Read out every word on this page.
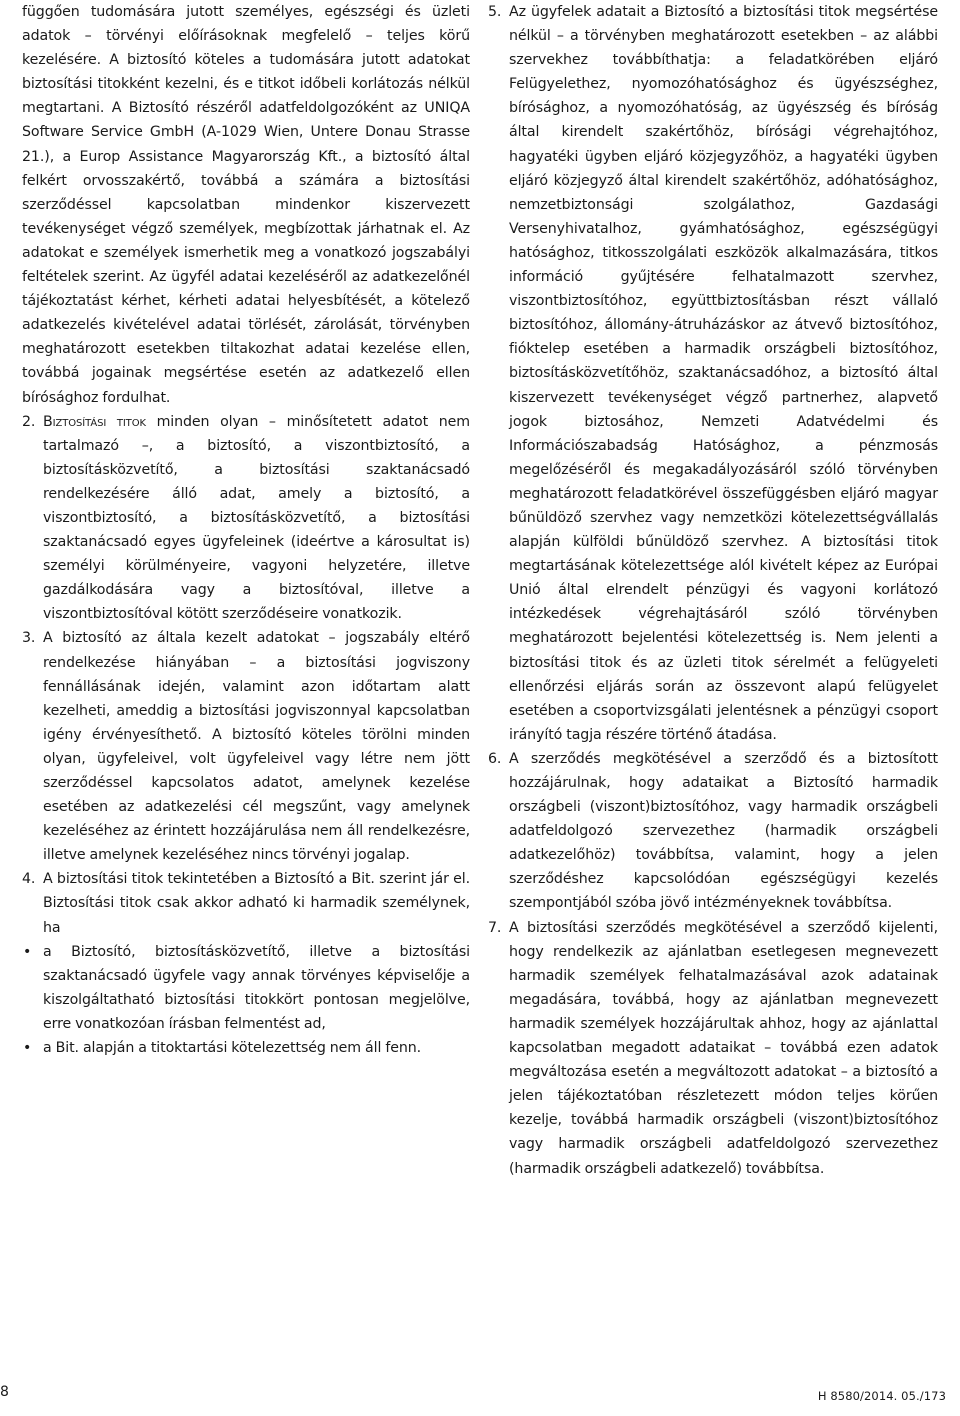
függően tudomására jutott személyes, egészségi és üzleti adatok – törvényi előírásoknak megfelelő – teljes körű kezelésére. A biztosító köteles a tudomására jutott adatokat biztosítási titokként kezelni, és e titkot időbeli korlátozás nélkül megtartani. A Biztosító részéről adatfeldolgozóként az UNIQA Software Service GmbH (A-1029 Wien, Untere Donau Strasse 21.), a Europ Assistance Magyarország Kft., a biztosító által felkért orvosszakértő, továbbá a számára a biztosítási szerződéssel kapcsolatban mindenkor kiszervezett tevékenységet végző személyek, megbízottak járhatnak el. Az adatokat e személyek ismerhetik meg a vonatkozó jogszabályi feltételek szerint. Az ügyfél adatai kezeléséről az adatkezelőnél tájékoztatást kérhet, kérheti adatai helyesbítését, a kötelező adatkezelés kivételével adatai törlését, zárolását, törvényben meghatározott esetekben tiltakozhat adatai kezelése ellen, továbbá jogainak megsértése esetén az adatkezelő ellen bírósághoz fordulhat.

2. Biztosítási titok minden olyan – minősítetett adatot nem tartalmazó –, a biztosító, a viszontbiztosító, a biztosításközvetítő, a biztosítási szaktanácsadó rendelkezésére álló adat, amely a biztosító, a viszontbiztosító, a biztosításközvetítő, a biztosítási szaktanácsadó egyes ügyfeleinek (ideértve a károsultat is) személyi körülményeire, vagyoni helyzetére, illetve gazdálkodására vagy a biztosítóval, illetve a viszontbiztosítóval kötött szerződéseire vonatkozik.
3. A biztosító az általa kezelt adatokat – jogszabály eltérő rendelkezése hiányában – a biztosítási jogviszony fennállásának idején, valamint azon időtartam alatt kezelheti, ameddig a biztosítási jogviszonnyal kapcsolatban igény érvényesíthető. A biztosító köteles törölni minden olyan, ügyfeleivel, volt ügyfeleivel vagy létre nem jött szerződéssel kapcsolatos adatot, amelynek kezelése esetében az adatkezelési cél megszűnt, vagy amelynek kezeléséhez az érintett hozzájárulása nem áll rendelkezésre, illetve amelynek kezeléséhez nincs törvényi jogalap.
4. A biztosítási titok tekintetében a Biztosító a Bit. szerint jár el. Biztosítási titok csak akkor adható ki harmadik személynek, ha
• a Biztosító, biztosításközvetítő, illetve a biztosítási szaktanácsadó ügyfele vagy annak törvényes képviselője a kiszolgáltatható biztosítási titokkört pontosan megjelölve, erre vonatkozóan írásban felmentést ad,
• a Bit. alapján a titoktartási kötelezettség nem áll fenn.
5. Az ügyfelek adatait a Biztosító a biztosítási titok megsértése nélkül – a törvényben meghatározott esetekben – az alábbi szervekhez továbbíthatja: a feladatkörében eljáró Felügyelethez, nyomozóhatósághoz és ügyészséghez, bírósághoz, a nyomozóhatóság, az ügyészség és bíróság által kirendelt szakértőhöz, bírósági végrehajtóhoz, hagyatéki ügyben eljáró közjegyzőhöz, a hagyatéki ügyben eljáró közjegyző által kirendelt szakértőhöz, adóhatósághoz, nemzetbiztonsági szolgálathoz, Gazdasági Versenyhivatalhoz, gyámhatósághoz, egészségügyi hatósághoz, titkosszolgálati eszközök alkalmazására, titkos információ gyűjtésére felhatalmazott szervhez, viszontbiztosítóhoz, együttbiztosításban részt vállaló biztosítóhoz, állomány-átruházáskor az átvevő biztosítóhoz, fióktelep esetében a harmadik országbeli biztosítóhoz, biztosításközvetítőhöz, szaktanácsadóhoz, a biztosító által kiszervezett tevékenységet végző partnerhez, alapvető jogok biztosához, Nemzeti Adatvédelmi és Információszabadság Hatósághoz, a pénzmosás megelőzéséről és megakadályozásáról szóló törvényben meghatározott feladatkörével összefüggésben eljáró magyar bűnüldöző szervhez vagy nemzetközi kötelezettségvállalás alapján külföldi bűnüldöző szervhez. A biztosítási titok megtartásának kötelezettsége alól kivételt képez az Európai Unió által elrendelt pénzügyi és vagyoni korlátozó intézkedések végrehajtásáról szóló törvényben meghatározott bejelentési kötelezettség is. Nem jelenti a biztosítási titok és az üzleti titok sérelmét a felügyeleti ellenőrzési eljárás során az összevont alapú felügyelet esetében a csoportvizsgálati jelentésnek a pénzügyi csoport irányító tagja részére történő átadása.
6. A szerződés megkötésével a szerződő és a biztosított hozzájárulnak, hogy adataikat a Biztosító harmadik országbeli (viszont)biztosítóhoz, vagy harmadik országbeli adatfeldolgozó szervezethez (harmadik országbeli adatkezelőhöz) továbbítsa, valamint, hogy a jelen szerződéshez kapcsolódóan egészségügyi kezelés szempontjából szóba jövő intézményeknek továbbítsa.
7. A biztosítási szerződés megkötésével a szerződő kijelenti, hogy rendelkezik az ajánlatban esetlegesen megnevezett harmadik személyek felhatalmazásával azok adatainak megadására, továbbá, hogy az ajánlatban megnevezett harmadik személyek hozzájárultak ahhoz, hogy az ajánlattal kapcsolatban megadott adataikat – továbbá ezen adatok megváltozása esetén a megváltozott adatokat – a biztosító a jelen tájékoztatóban részletezett módon teljes körűen kezelje, továbbá harmadik országbeli (viszont)biztosítóhoz vagy harmadik országbeli adatfeldolgozó szervezethez (harmadik országbeli adatkezelő) továbbítsa.
8	H 8580/2014. 05./173
